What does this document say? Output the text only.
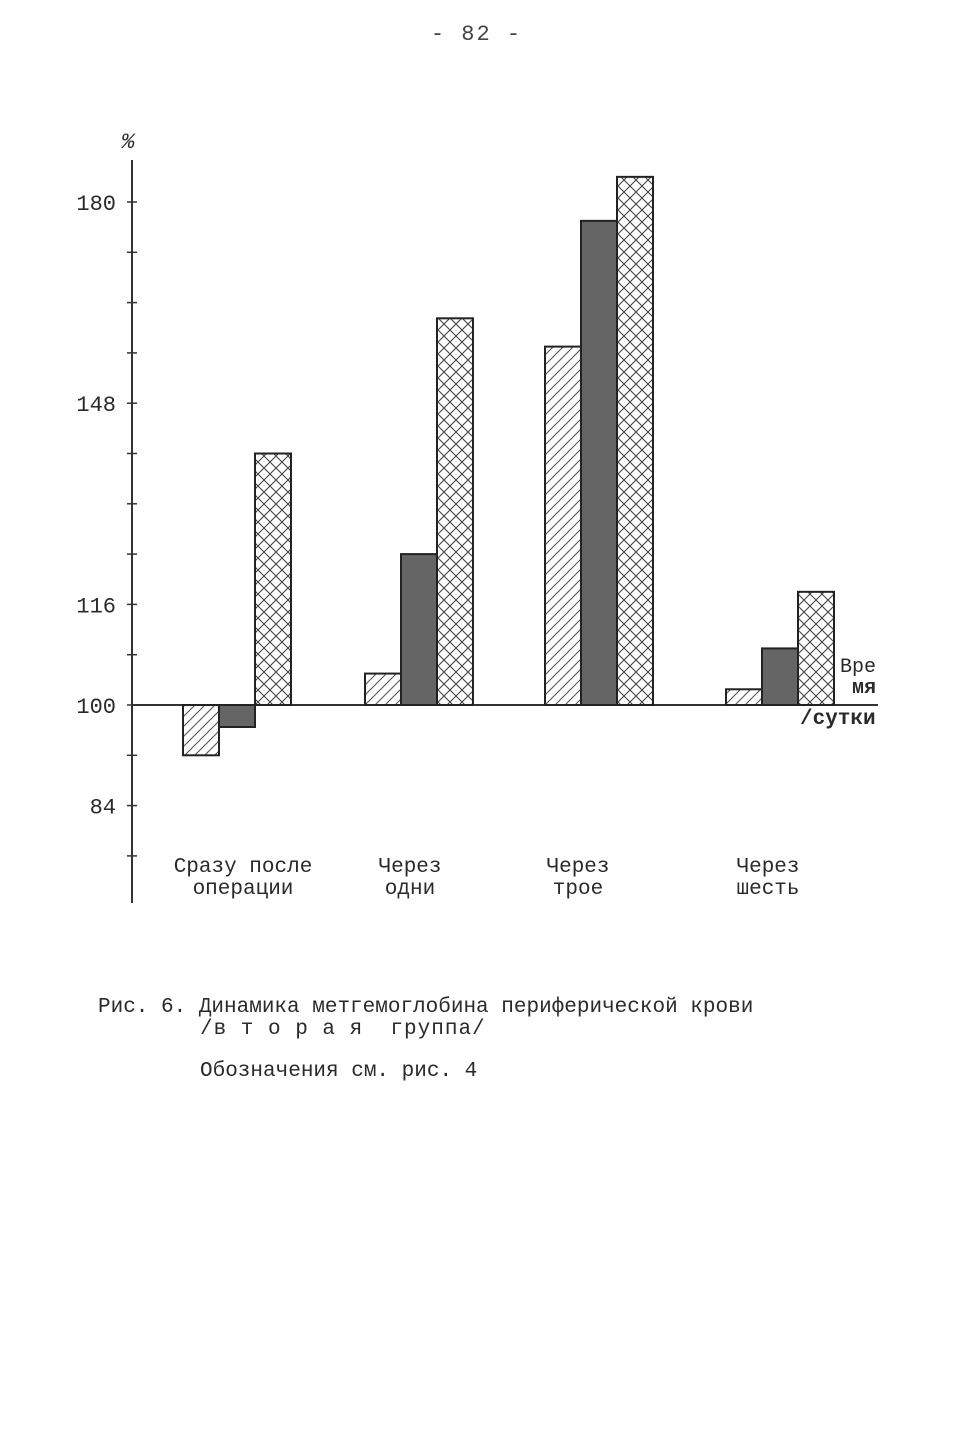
- 82 -
%
180
148
116
100
84
Сразу после
операции
Через
одни
Через
трое
Через
шесть
Вре
мя
/сутки
Рис. 6. Динамика метгемоглобина периферической крови
/в т о р а я  группа/
Обозначения см. рис. 4
